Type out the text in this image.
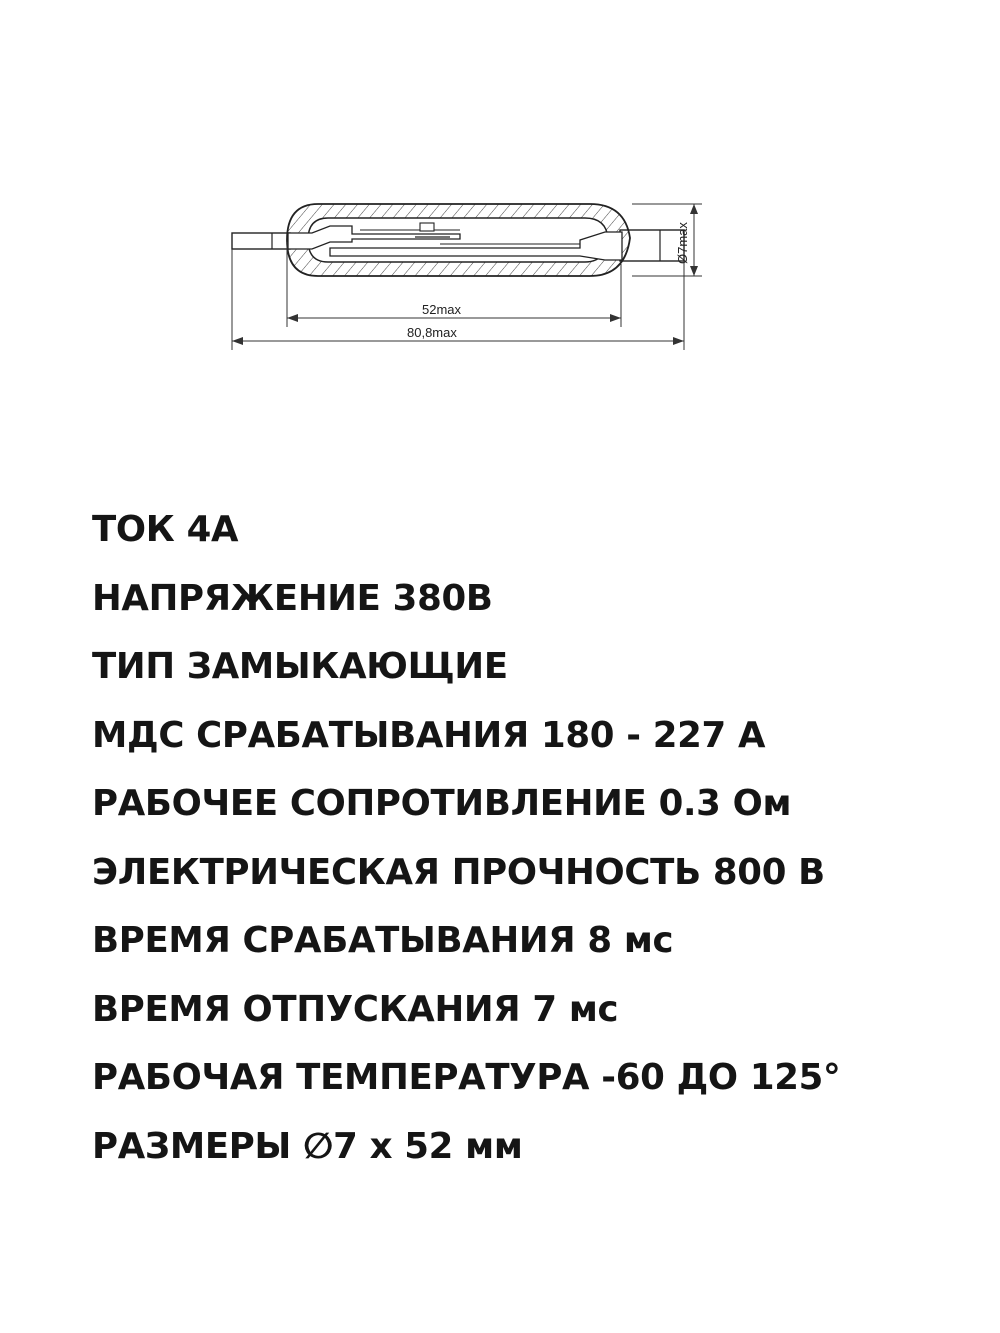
Ø7max
52max
80,8max
ТОК 4А
НАПРЯЖЕНИЕ 380В
ТИП ЗАМЫКАЮЩИЕ
МДС СРАБАТЫВАНИЯ 180 - 227 А
РАБОЧЕЕ СОПРОТИВЛЕНИЕ 0.3 Ом
ЭЛЕКТРИЧЕСКАЯ ПРОЧНОСТЬ 800 В
ВРЕМЯ СРАБАТЫВАНИЯ 8 мс
ВРЕМЯ ОТПУСКАНИЯ 7 мс
РАБОЧАЯ ТЕМПЕРАТУРА -60 ДО 125°
РАЗМЕРЫ ∅7 х 52 мм
